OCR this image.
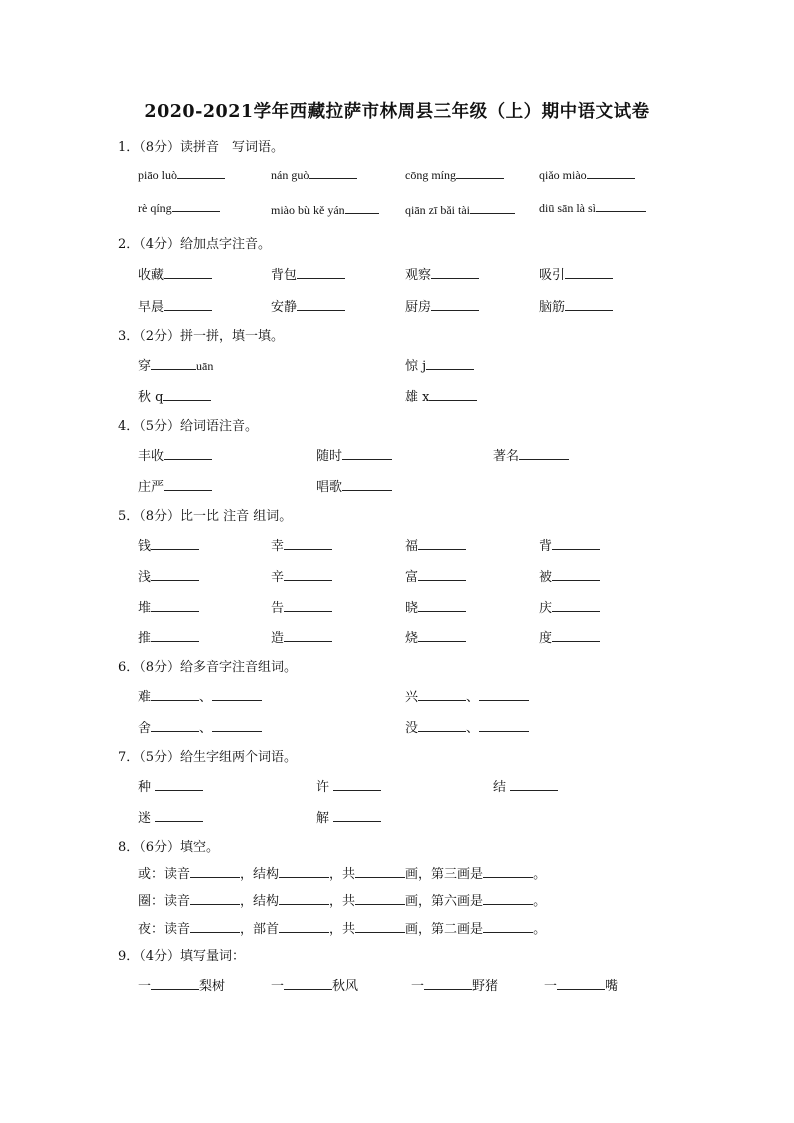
2020-2021学年西藏拉萨市林周县三年级（上）期中语文试卷
1．（8分）读拼音　写词语。
piāo luò	nán guò	cōng míng	qiǎo miào
rè qíng	miào bù kě yán	qiān zī bǎi tài	diū sān là sì
2．（4分）给加点字注音。
收藏	背包	观察	吸引
早晨	安静	厨房	脑筋
3．（2分）拼一拼，填一填。
穿	uān	惊 j
秋 q	雄 x
4．（5分）给词语注音。
丰收	随时	著名
庄严	唱歌
5．（8分）比一比 注音 组词。
钱	幸	福	背
浅	辛	富	被
堆	告	晓	庆
推	造	烧	度
6．（8分）给多音字注音组词。
难	、	兴	、
舍	、	没	、
7．（5分）给生字组两个词语。
种	许	结
迷	解
8．（6分）填空。
或：读音	，结构	，共	画，第三画是	。
圈：读音	，结构	，共	画，第六画是	。
夜：读音	，部首	，共	画，第二画是	。
9．（4分）填写量词：
一	梨树	一	秋风	一	野猪	一	嘴
